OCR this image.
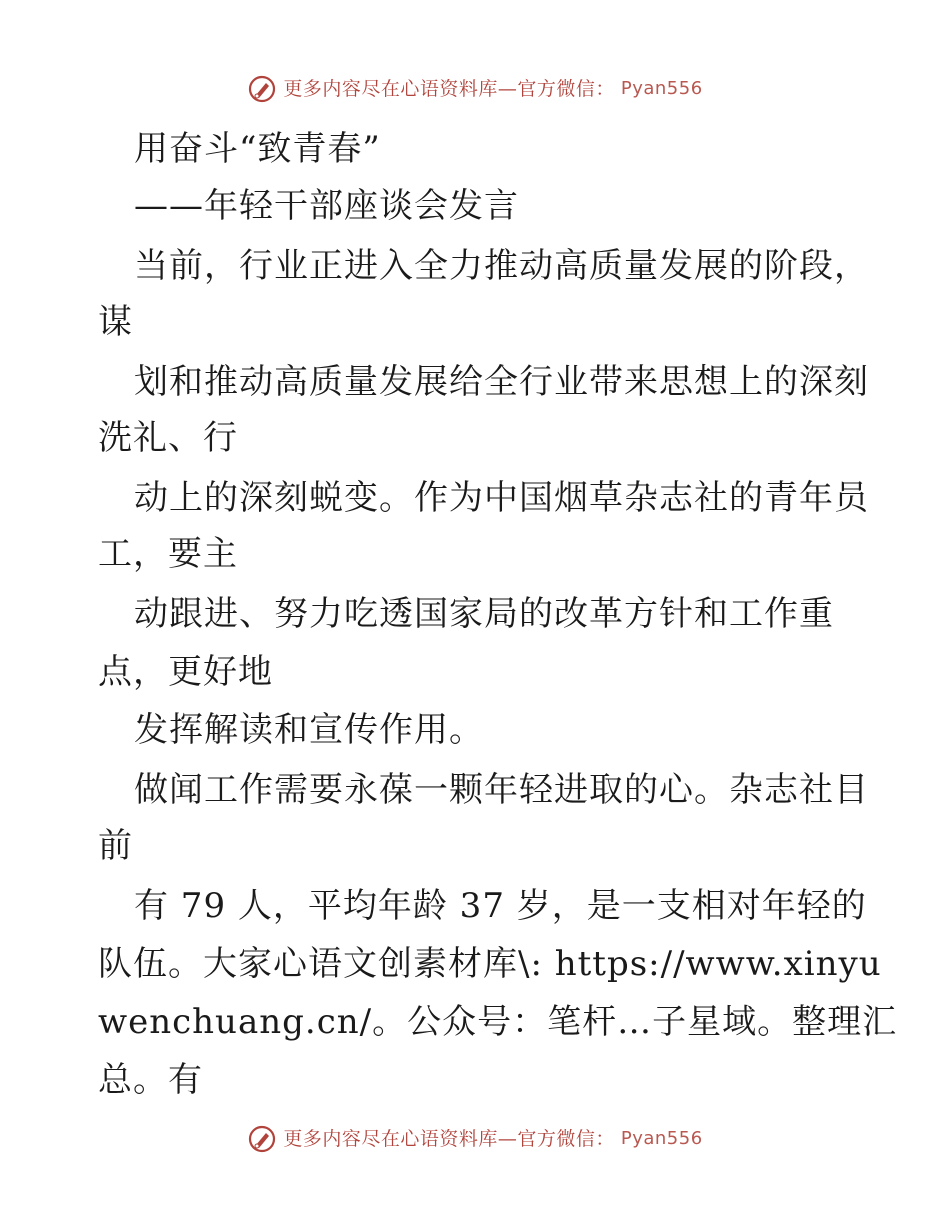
更多内容尽在心语资料库—官方微信： Pyan556
用奋斗“致青春”
——年轻干部座谈会发言
当前，行业正进入全力推动高质量发展的阶段，
谋
划和推动高质量发展给全行业带来思想上的深刻
洗礼、行
动上的深刻蜕变。作为中国烟草杂志社的青年员
工，要主
动跟进、努力吃透国家局的改革方针和工作重
点，更好地
发挥解读和宣传作用。
做闻工作需要永葆一颗年轻进取的心。杂志社目
前
有 79 人，平均年龄 37 岁，是一支相对年轻的
队伍。大家心语文创素材库\: https://www.xinyu
wenchuang.cn/。公众号：笔杆…子星域。整理汇
总。有
更多内容尽在心语资料库—官方微信： Pyan556
